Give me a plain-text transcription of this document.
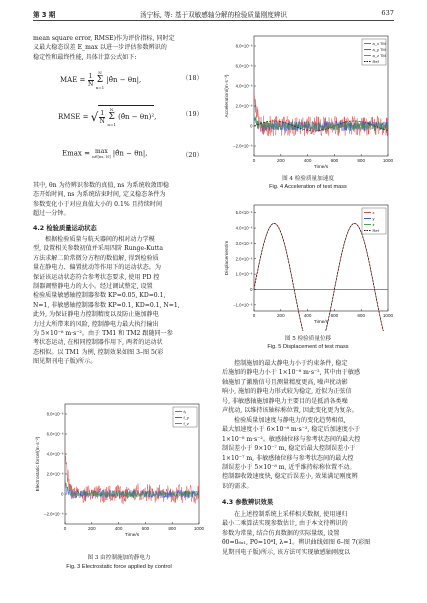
第 3 期	汤宁标, 等: 基于双敏感轴分解的检验质量刚度辨识	637

mean square error, RMSE)作为评价指标, 同时定

义最大稳态误差 E_max 以进一步评估参数辨识的

稳定性和最终性能, 具体计算公式如下:

MAE = $\frac{1}{N}$
	N
Σ
n=1
|θ̂n − θn|,	（18）
RMSE = √ $\frac{1}{N}$
	N
Σ
n=1
(θ̂n − θn)²,	（19）
Emax = max
n∈[ns, N] |θ̂n − θn|,	（20）

其中, θn 为待辨识参数的真值, ns 为系统收敛即稳

态开始时间, ns 为系统结束时间, 定义稳态条件为

参数变化小于对应真值大小的 0.1% 且持续时间

超过一分钟。

4.2 检验质量运动状态

根据检验质量与航天器间的相对动力学模

型, 设置相关参数初值并采用四阶 Runge-Kutta

方法求解二阶常微分方程的数值解, 得到检验质

量在静电力、偏置扰动等作用下的运动状态。为

保证该运动状态符合参考状态要求, 使用 PD 控

制器调整静电力的大小。经过调试整定, 设置

检验质量敏感轴控制器参数 KP=0.05, KD=0.1,

N=1, 非敏感轴控制器参数 KP=0.1, KD=0.1, N=1,

此外, 为保证静电力控制精度以及防止施加静电

力过大所带来的风险, 控制静电力最大执行输出

为 5×10⁻⁸ m·s⁻²。由于 TM1 和 TM2 跟随同一参

考状态运动, 在相同控制器作用下, 两者的运动状

态相似。以 TM1 为例, 控制效果如图 3–图 5(彩

图见期刊电子版)所示。

0	200	400	600	800	1000
8.0×10⁻⁸
6.0×10⁻⁸
4.0×10⁻⁸
2.0×10⁻⁸
0
−2.0×10⁻⁸
Time/s
Electrostatic force/(m·s⁻²)
fₓ
f_y
f_z
图 3 由控制施加的静电力
Fig. 3 Electrostatic force applied by control
0	200	400	600	800	1000
8.0×10⁻⁸
6.0×10⁻⁸
4.0×10⁻⁸
2.0×10⁻⁸
0
−2.0×10⁻⁸
Time/s
Acceleration/(m·s⁻²)
a_x TM
a_y TM
a_z TM
Ref
图 4 检验质量加速度
Fig. 4 Acceleration of test mass
0	200	400	600	800	1000
5.0×10⁻⁶
4.0×10⁻⁶
3.0×10⁻⁶
2.0×10⁻⁶
1.0×10⁻⁶
0
−1.0×10⁻⁶
Time/s
Displacement/m
x
y
z
Ref
图 5 检验质量位移
Fig. 5 Displacement of test mass

控制施加的最大静电力小于约束条件, 稳定

后施加的静电力小于 1×10⁻⁸ m·s⁻², 其中由于敏感

轴施加了激励信号且测量精度更高, 噪声扰动影

响小, 施加的静电力形式较为稳定, 近似为正弦信

号, 非敏感轴施加静电力主要目的是抵消各类噪

声扰动, 以维持该轴标称位置, 因此变化更为复杂。

检验质量加速度与静电力的变化趋势相似,

最大加速度小于 6×10⁻⁸ m·s⁻², 稳定后加速度小于

1×10⁻⁸ m·s⁻²。敏感轴位移与参考状态间的最大控

制误差小于 9×10⁻⁷ m, 稳定后最大控制误差小于

1×10⁻⁷ m, 非敏感轴位移与参考状态间的最大控

制误差小于 5×10⁻⁸ m, 近乎维持标称位置不动。

控制器收敛速度快, 稳定后误差小, 效果满足刚度辨

识的需求。

4.3 参数辨识效果

在上述控制系统上采样相关数据, 使用递归

最小二乘算法实现参数估计, 由于本文待辨识的

参数为常量, 结合仿真数据的实际量级, 设置

θ̂0=0₆ₓ₁, P0=10⁸I, λ=1。辨识曲线如图 6–图 7(彩图

见期刊电子版)所示, 该方法可实现敏感轴刚度以
